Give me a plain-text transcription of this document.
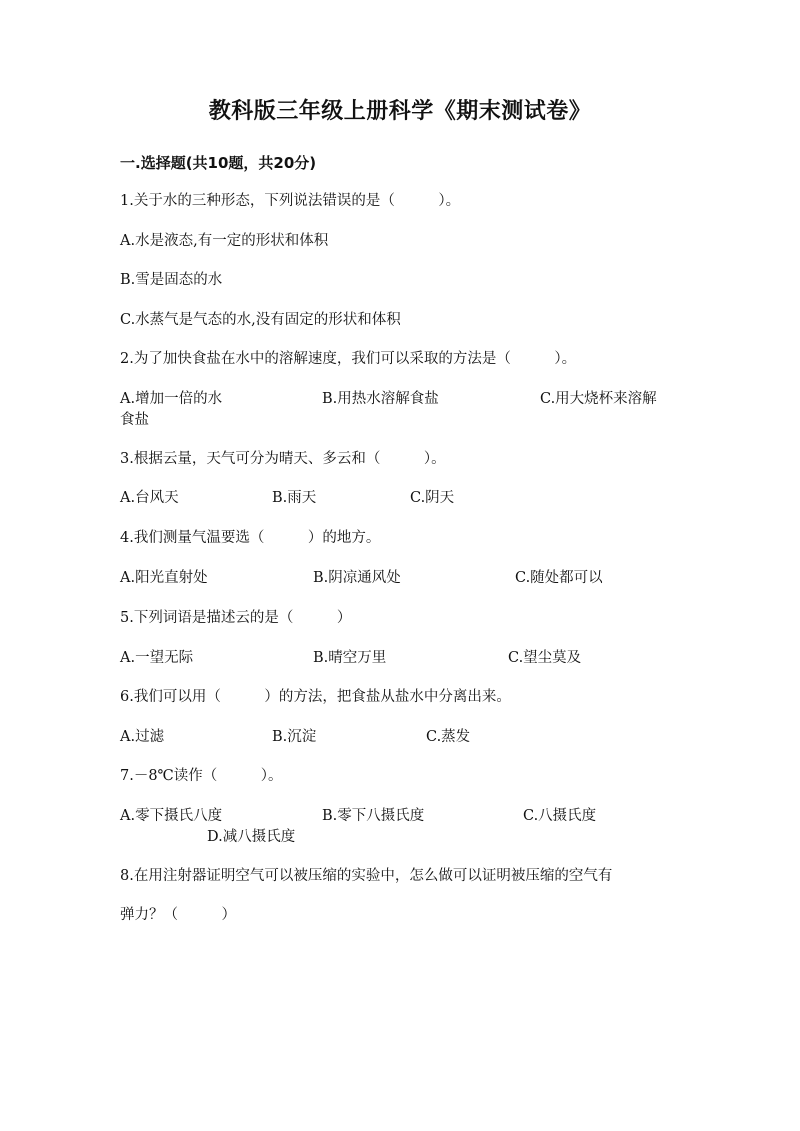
教科版三年级上册科学《期末测试卷》
一.选择题(共10题，共20分)
1.关于水的三种形态，下列说法错误的是（　　　）。
A.水是液态,有一定的形状和体积
B.雪是固态的水
C.水蒸气是气态的水,没有固定的形状和体积
2.为了加快食盐在水中的溶解速度，我们可以采取的方法是（　　　）。
A.增加一倍的水	B.用热水溶解食盐	C.用大烧杯来溶解
食盐
3.根据云量，天气可分为晴天、多云和（　　　）。
A.台风天	B.雨天	C.阴天
4.我们测量气温要选（　　　）的地方。
A.阳光直射处	B.阴凉通风处	C.随处都可以
5.下列词语是描述云的是（　　　）
A.一望无际	B.晴空万里	C.望尘莫及
6.我们可以用（　　　）的方法，把食盐从盐水中分离出来。
A.过滤	B.沉淀	C.蒸发
7.－8℃读作（　　　）。
A.零下摄氏八度	B.零下八摄氏度	C.八摄氏度
D.减八摄氏度
8.在用注射器证明空气可以被压缩的实验中，怎么做可以证明被压缩的空气有
弹力？（　　　）
